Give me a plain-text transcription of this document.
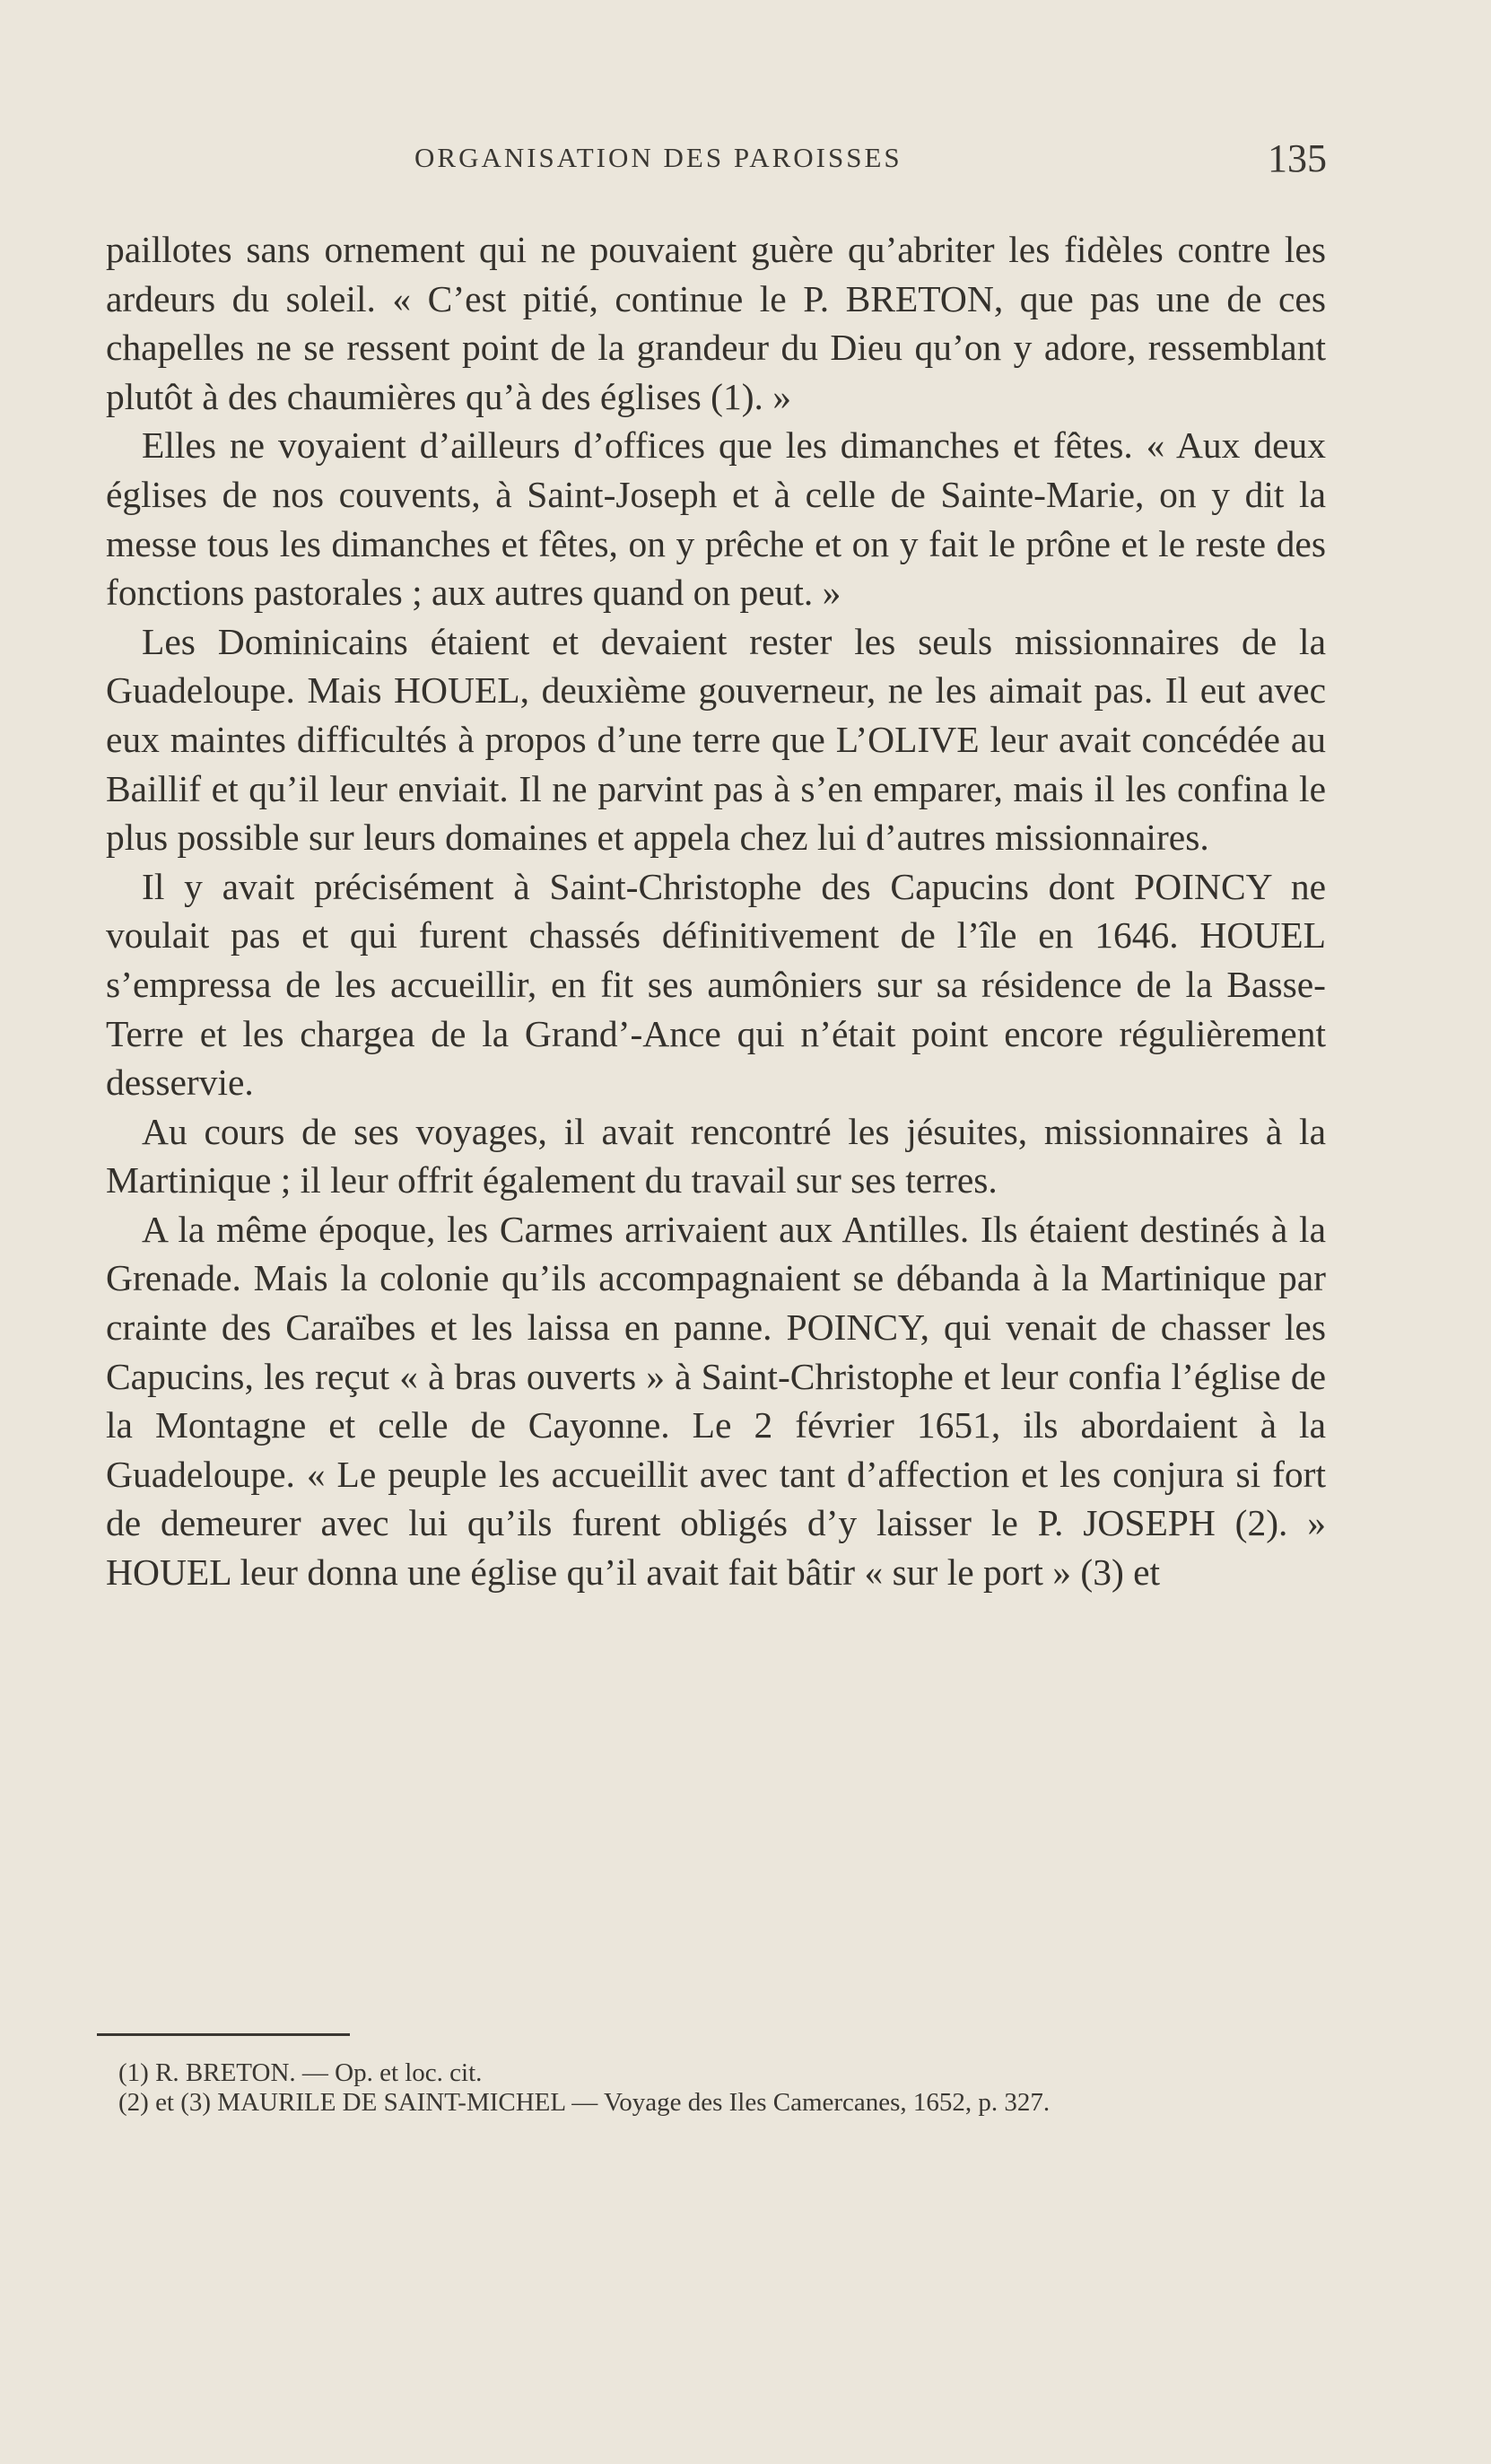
ORGANISATION DES PAROISSES	135

paillotes sans ornement qui ne pouvaient guère qu’abriter les fidèles contre les ardeurs du soleil. « C’est pitié, continue le P. BRETON, que pas une de ces chapelles ne se ressent point de la grandeur du Dieu qu’on y adore, ressemblant plutôt à des chaumières qu’à des églises (1). »

Elles ne voyaient d’ailleurs d’offices que les dimanches et fêtes. « Aux deux églises de nos couvents, à Saint-Joseph et à celle de Sainte-Marie, on y dit la messe tous les dimanches et fêtes, on y prêche et on y fait le prône et le reste des fonctions pastorales ; aux autres quand on peut. »

Les Dominicains étaient et devaient rester les seuls missionnaires de la Guadeloupe. Mais HOUEL, deuxième gouverneur, ne les aimait pas. Il eut avec eux maintes difficultés à propos d’une terre que L’OLIVE leur avait concédée au Baillif et qu’il leur enviait. Il ne parvint pas à s’en emparer, mais il les confina le plus possible sur leurs domaines et appela chez lui d’autres missionnaires.

Il y avait précisément à Saint-Christophe des Capucins dont POINCY ne voulait pas et qui furent chassés définitivement de l’île en 1646. HOUEL s’empressa de les accueillir, en fit ses aumôniers sur sa résidence de la Basse-Terre et les chargea de la Grand’-Ance qui n’était point encore régulièrement desservie.

Au cours de ses voyages, il avait rencontré les jésuites, missionnaires à la Martinique ; il leur offrit également du travail sur ses terres.

A la même époque, les Carmes arrivaient aux Antilles. Ils étaient destinés à la Grenade. Mais la colonie qu’ils accompagnaient se débanda à la Martinique par crainte des Caraïbes et les laissa en panne. POINCY, qui venait de chasser les Capucins, les reçut « à bras ouverts » à Saint-Christophe et leur confia l’église de la Montagne et celle de Cayonne. Le 2 février 1651, ils abordaient à la Guadeloupe. « Le peuple les accueillit avec tant d’affection et les conjura si fort de demeurer avec lui qu’ils furent obligés d’y laisser le P. JOSEPH (2). » HOUEL leur donna une église qu’il avait fait bâtir « sur le port » (3) et

(1) R. BRETON. — Op. et loc. cit.

(2) et (3) MAURILE DE SAINT-MICHEL — Voyage des Iles Camercanes, 1652, p. 327.
